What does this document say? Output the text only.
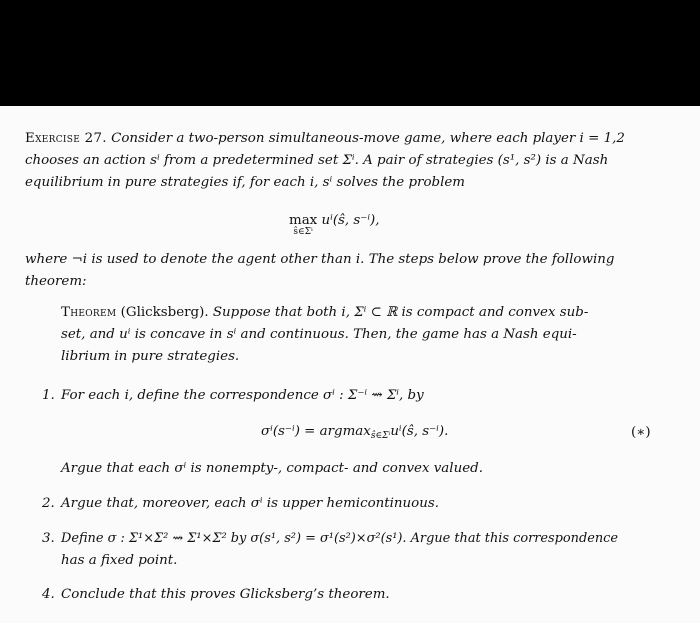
Exercise 27. Consider a two-person simultaneous-move game, where each player i = 1,2
chooses an action sⁱ from a predetermined set Σⁱ. A pair of strategies (s¹, s²) is a Nash
equilibrium in pure strategies if, for each i, sⁱ solves the problem
max
ŝ∈Σⁱ
uⁱ(ŝ, s⁻ⁱ),
where ¬i is used to denote the agent other than i. The steps below prove the following
theorem:
Theorem (Glicksberg). Suppose that both i, Σⁱ ⊂ ℝ is compact and convex sub-
set, and uⁱ is concave in sⁱ and continuous. Then, the game has a Nash equi-
librium in pure strategies.
1. For each i, define the correspondence σⁱ : Σ⁻ⁱ ⇝ Σⁱ, by
σⁱ(s⁻ⁱ) = argmax$_{ŝ\in\Sigma^i}$uⁱ(ŝ, s⁻ⁱ).	(∗)
Argue that each σⁱ is nonempty-, compact- and convex valued.
2. Argue that, moreover, each σⁱ is upper hemicontinuous.
3. Define σ : Σ¹×Σ² ⇝ Σ¹×Σ² by σ(s¹, s²) = σ¹(s²)×σ²(s¹). Argue that this correspondence
has a fixed point.
4. Conclude that this proves Glicksberg’s theorem.
